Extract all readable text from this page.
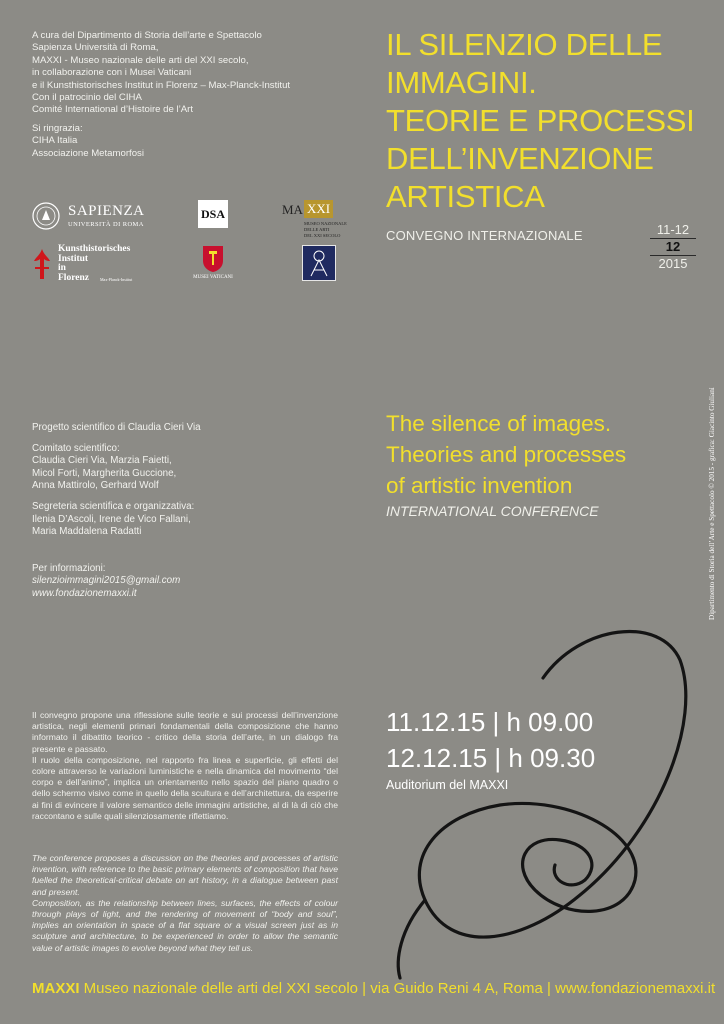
A cura del Dipartimento di Storia dell’arte e Spettacolo
Sapienza Università di Roma,
MAXXI - Museo nazionale delle arti del XXI secolo,
in collaborazione con i Musei Vaticani
e il Kunsthistorisches Institut in Florenz – Max-Planck-Institut
Con il patrocinio del CIHA
Comité International d’Histoire de l’Art
Si ringrazia:
CIHA Italia
Associazione Metamorfosi
SAPIENZA
UNIVERSITÀ DI ROMA
DSA	MA XXI
MUSEO NAZIONALE
DELLE ARTI
DEL XXI SECOLO
Kunsthistorisches
Institut
in
Florenz	Max-Planck-Institut	MUSEI VATICANI
IL SILENZIO DELLE
IMMAGINI.
TEORIE E PROCESSI
DELL’INVENZIONE
ARTISTICA
CONVEGNO INTERNAZIONALE	11-12
12
2015
The silence of images.
Theories and processes
of artistic invention
INTERNATIONAL CONFERENCE
Progetto scientifico di Claudia Cieri Via
Comitato scientifico:
Claudia Cieri Via, Marzia Faietti,
Micol Forti, Margherita Guccione,
Anna Mattirolo, Gerhard Wolf
Segreteria scientifica e organizzativa:
Ilenia D’Ascoli, Irene de Vico Fallani,
Maria Maddalena Radatti
Per informazioni:
silenzioimmagini2015@gmail.com
www.fondazionemaxxi.it	Dipartimento di Storia dell’Arte e Spettacolo © 2015 - grafica: Giacinto Giuliani

Il convegno propone una riflessione sulle teorie e sui processi dell’invenzione artistica, negli elementi primari fondamentali della composizione che hanno informato il dibattito teorico - critico della storia dell’arte, in un dialogo fra presente e passato.

Il ruolo della composizione, nel rapporto fra linea e superficie, gli effetti del colore attraverso le variazioni luministiche e nella dinamica del movimento “del corpo e dell’animo”, implica un orientamento nello spazio del piano quadro o dello schermo visivo come in quello della scultura e dell’architettura, da esperire ai fini di evincere il valore semantico delle immagini artistiche, al di là di ciò che raccontano e sulle quali silenziosamente riflettiamo.

The conference proposes a discussion on the theories and processes of artistic invention, with reference to the basic primary elements of composition that have fuelled the theoretical-critical debate on art history, in a dialogue between past and present.

Composition, as the relationship between lines, surfaces, the effects of colour through plays of light, and the rendering of movement of “body and soul”, implies an orientation in space of a flat square or a visual screen just as in sculpture and architecture, to be experienced in order to allow the semantic value of artistic images to evolve beyond what they tell us.

11.12.15 | h 09.00
12.12.15 | h 09.30
Auditorium del MAXXI
MAXXI Museo nazionale delle arti del XXI secolo | via Guido Reni 4 A, Roma | www.fondazionemaxxi.it
